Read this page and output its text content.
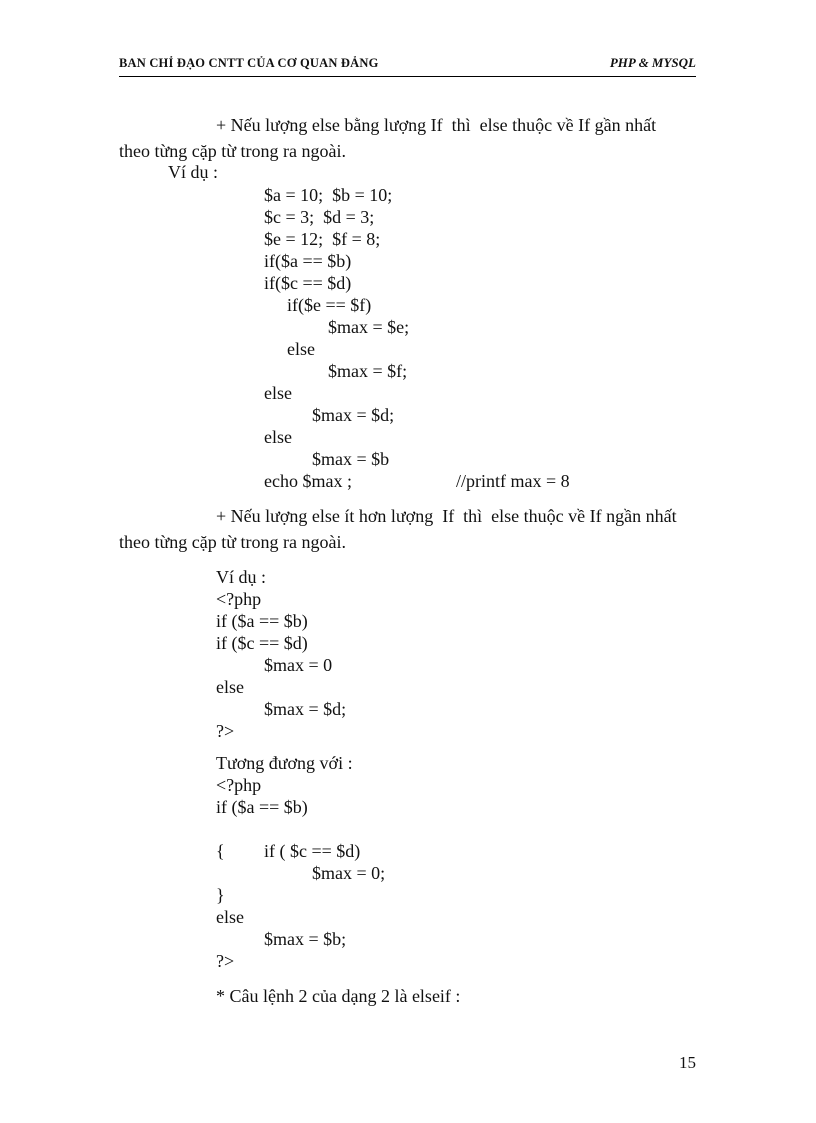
BAN CHỈ ĐẠO CNTT CỦA CƠ QUAN ĐẢNG	PHP & MYSQL
+ Nếu lượng else bằng lượng If  thì  else thuộc về If gần nhất
theo từng cặp từ trong ra ngoài.
Ví dụ :
$a = 10;  $b = 10;
$c = 3;  $d = 3;
$e = 12;  $f = 8;
if($a == $b)
if($c == $d)
if($e == $f)
$max = $e;
else
$max = $f;
else
$max = $d;
else
$max = $b
echo $max ;	//printf max = 8
+ Nếu lượng else ít hơn lượng  If  thì  else thuộc về If ngần nhất
theo từng cặp từ trong ra ngoài.
Ví dụ :
<?php
if ($a == $b)
if ($c == $d)
$max = 0
else
$max = $d;
?>
Tương đương với :
<?php
if ($a == $b)
{ if ( $c == $d)
$max = 0;
}
else
$max = $b;
?>
* Câu lệnh 2 của dạng 2 là elseif :
15
